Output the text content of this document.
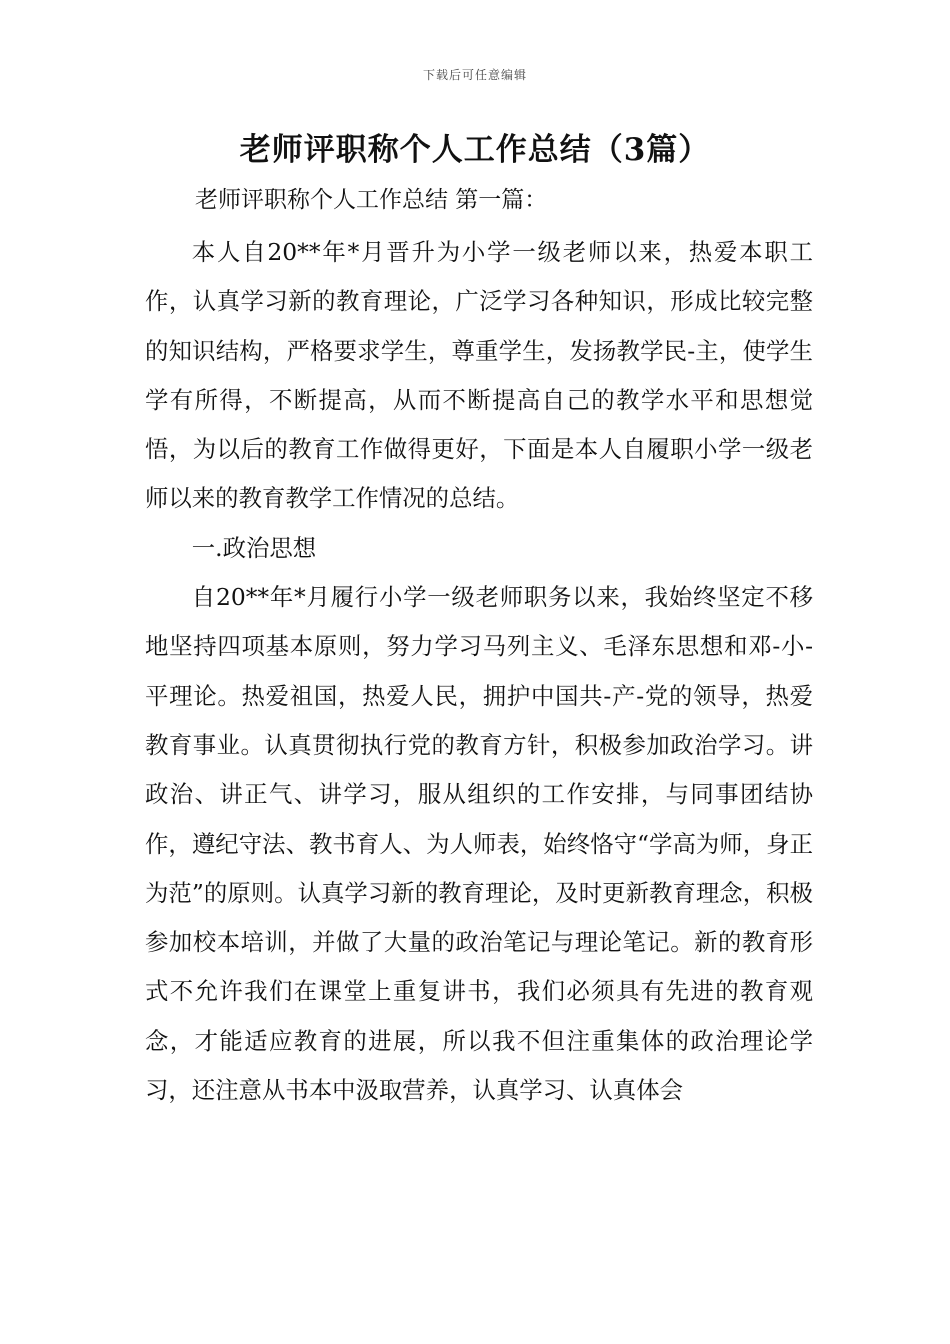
下载后可任意编辑
老师评职称个人工作总结（3篇）

老师评职称个人工作总结 第一篇：

本人自20**年*月晋升为小学一级老师以来，热爱本职工作，认真学习新的教育理论，广泛学习各种知识，形成比较完整的知识结构，严格要求学生，尊重学生，发扬教学民-主，使学生学有所得，不断提高，从而不断提高自己的教学水平和思想觉悟，为以后的教育工作做得更好，下面是本人自履职小学一级老师以来的教育教学工作情况的总结。

一.政治思想

自20**年*月履行小学一级老师职务以来，我始终坚定不移地坚持四项基本原则，努力学习马列主义、毛泽东思想和邓-小-平理论。热爱祖国，热爱人民，拥护中国共-产-党的领导，热爱教育事业。认真贯彻执行党的教育方针，积极参加政治学习。讲政治、讲正气、讲学习，服从组织的工作安排，与同事团结协作，遵纪守法、教书育人、为人师表，始终恪守“学高为师，身正为范”的原则。认真学习新的教育理论，及时更新教育理念，积极参加校本培训，并做了大量的政治笔记与理论笔记。新的教育形式不允许我们在课堂上重复讲书，我们必须具有先进的教育观念，才能适应教育的进展，所以我不但注重集体的政治理论学习，还注意从书本中汲取营养，认真学习、认真体会
